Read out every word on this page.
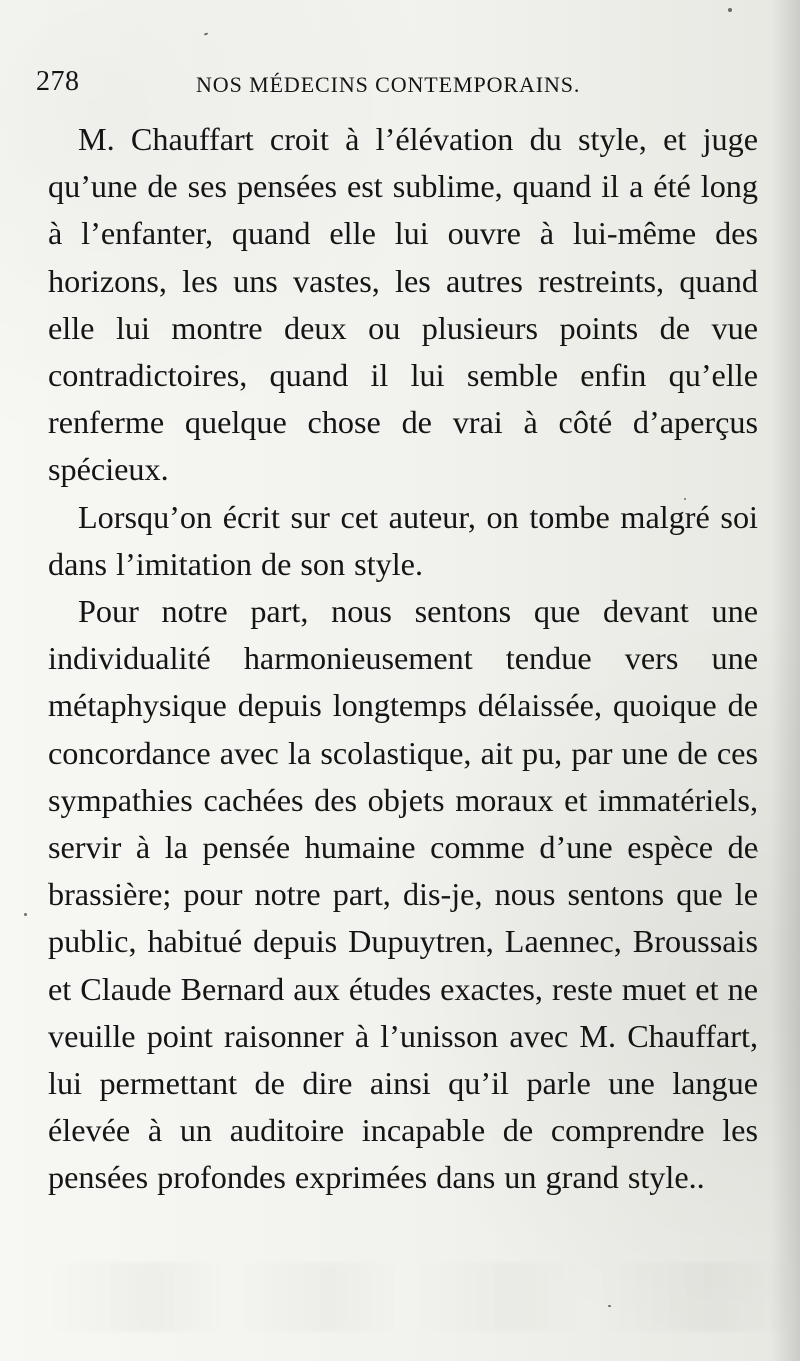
278	NOS MÉDECINS CONTEMPORAINS.

M. Chauffart croit à l’élévation du style, et juge qu’une de ses pensées est sublime, quand il a été long à l’enfanter, quand elle lui ouvre à lui-même des horizons, les uns vastes, les autres restreints, quand elle lui montre deux ou plusieurs points de vue contradictoires, quand il lui semble enfin qu’elle renferme quelque chose de vrai à côté d’aperçus spécieux.

Lorsqu’on écrit sur cet auteur, on tombe malgré soi dans l’imitation de son style.

Pour notre part, nous sentons que devant une individualité harmonieusement tendue vers une métaphysique depuis longtemps délaissée, quoique de concordance avec la scolastique, ait pu, par une de ces sympathies cachées des objets moraux et immatériels, servir à la pensée humaine comme d’une espèce de brassière; pour notre part, dis-je, nous sentons que le public, habitué depuis Dupuytren, Laennec, Broussais et Claude Bernard aux études exactes, reste muet et ne veuille point raisonner à l’unisson avec M. Chauffart, lui permettant de dire ainsi qu’il parle une langue élevée à un auditoire incapable de comprendre les pensées profondes exprimées dans un grand style..
